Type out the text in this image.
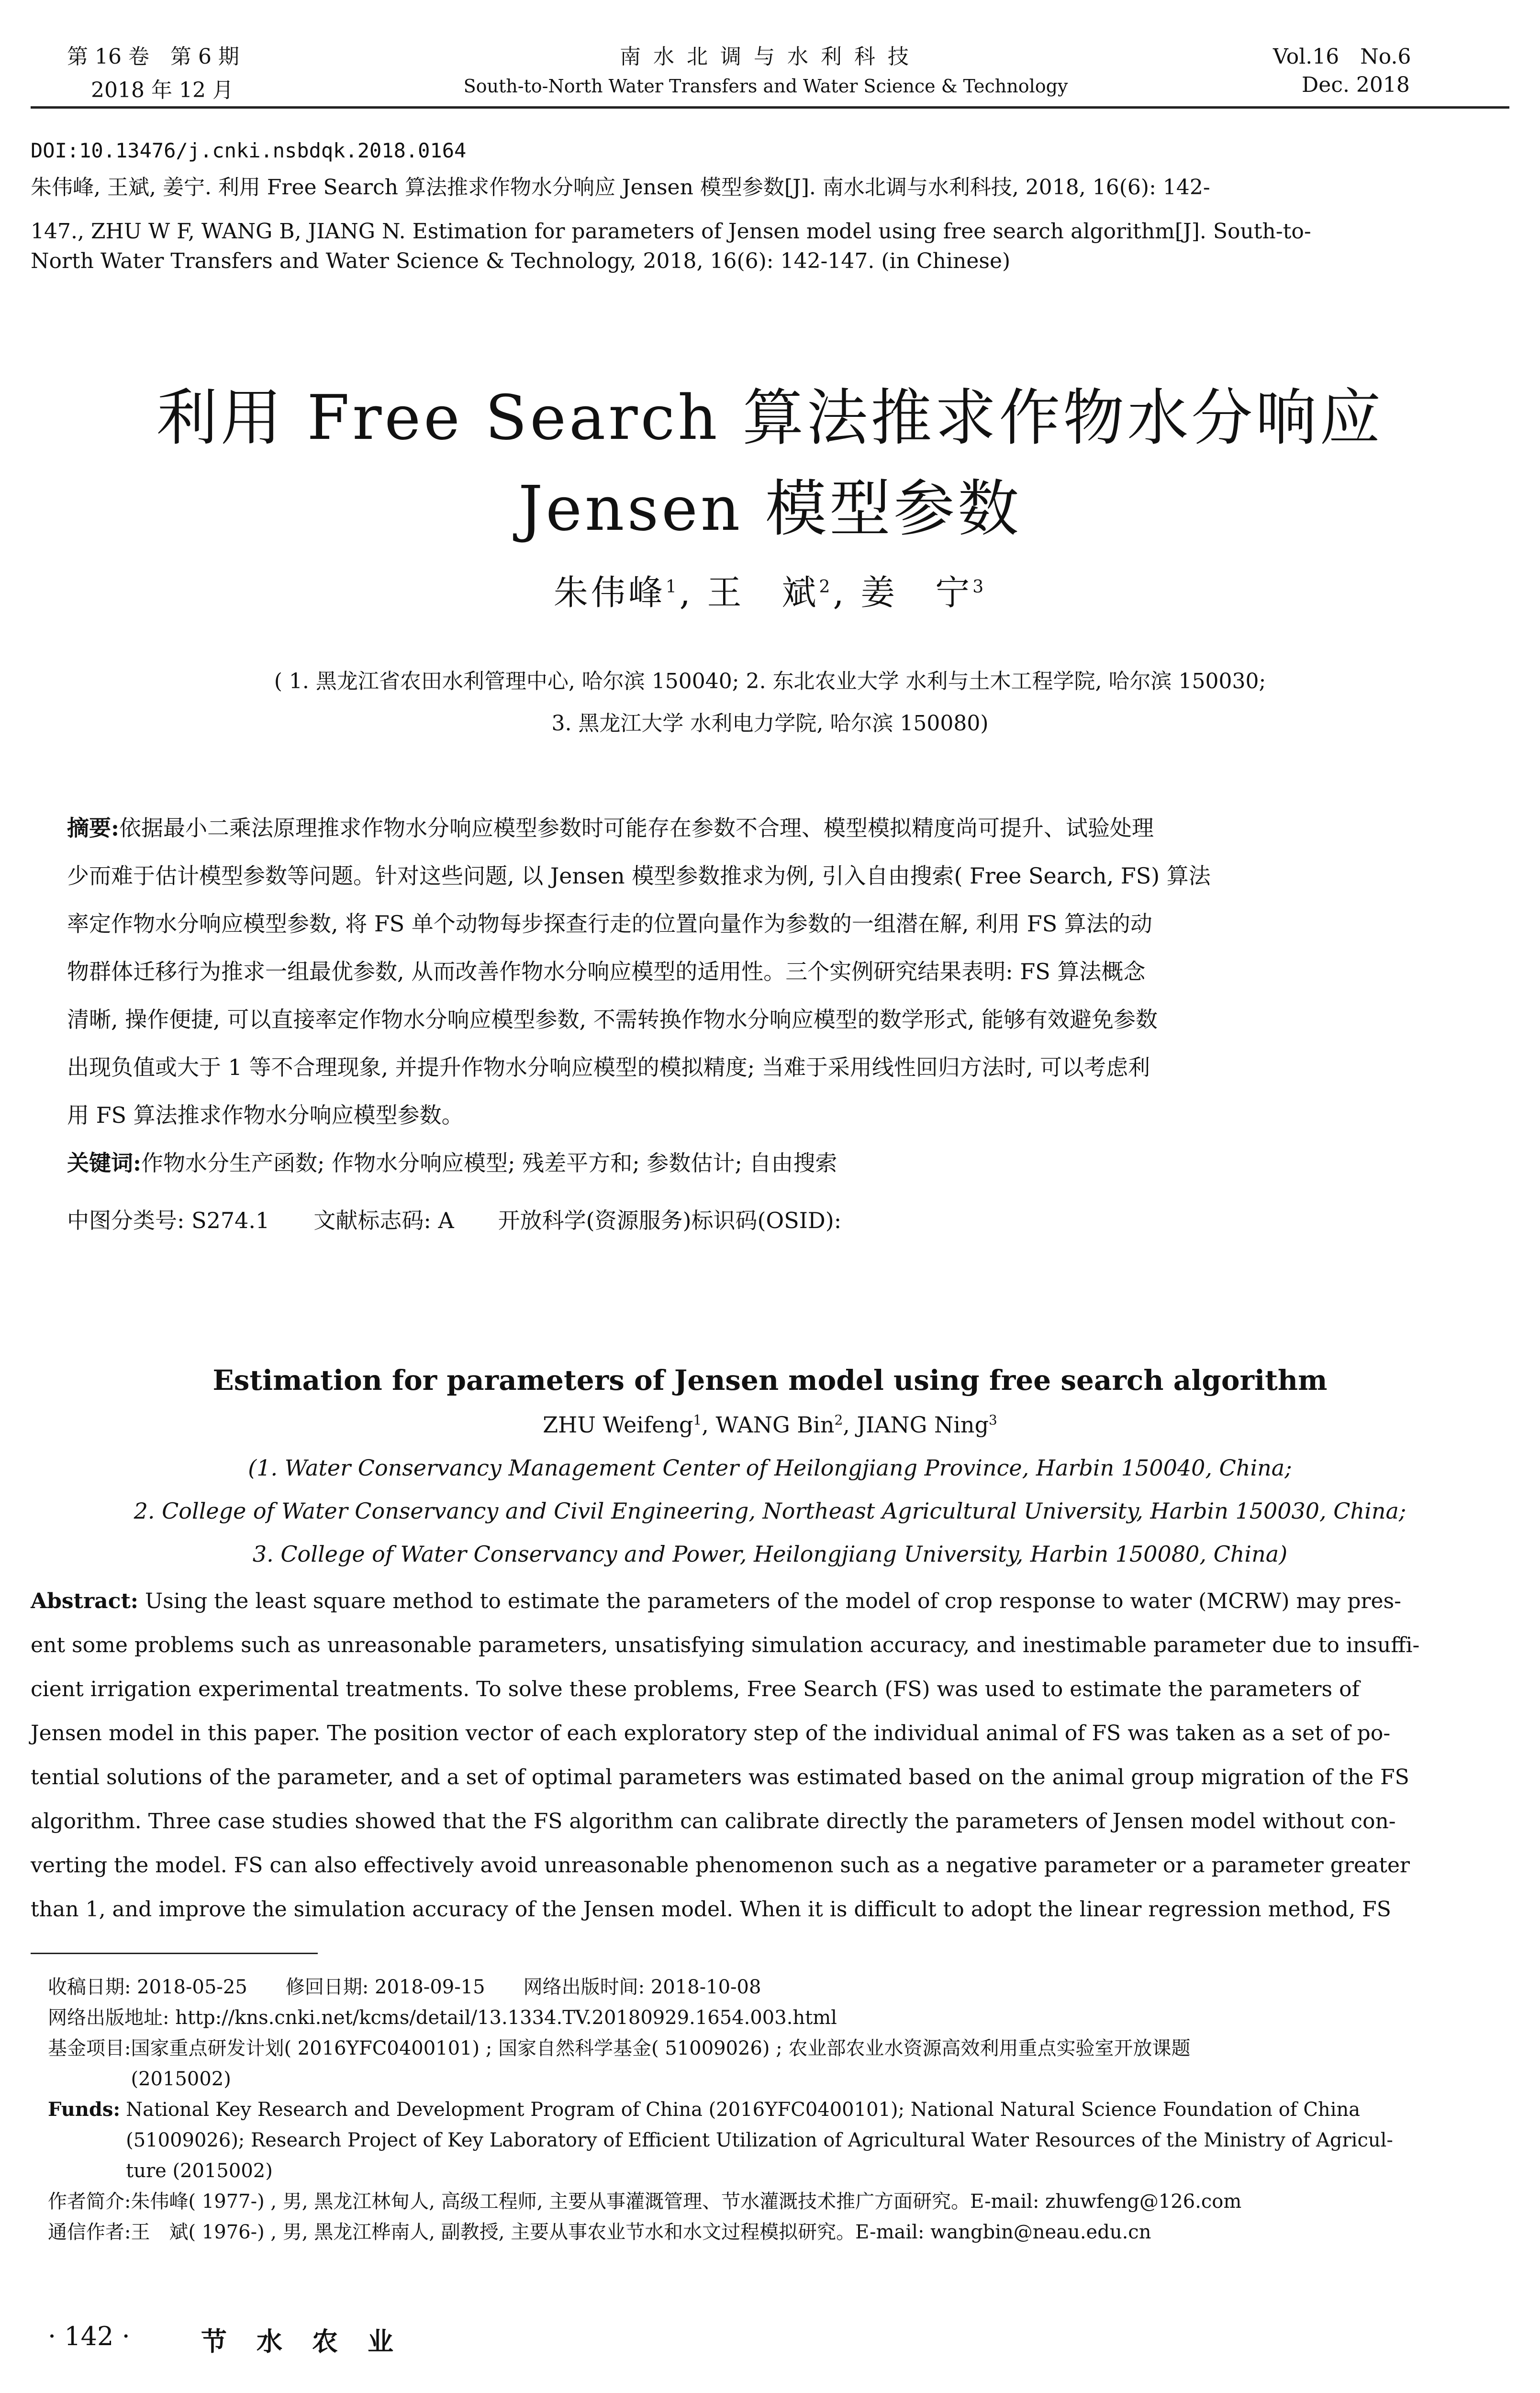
第 16 卷　第 6 期
2018 年 12 月
南 水 北 调 与 水 利 科 技
South-to-North Water Transfers and Water Science & Technology
Vol.16　No.6
Dec. 2018
DOI:10.13476/j.cnki.nsbdqk.2018.0164
朱伟峰, 王斌, 姜宁. 利用 Free Search 算法推求作物水分响应 Jensen 模型参数[J]. 南水北调与水利科技, 2018, 16(6): 142-
147., ZHU W F, WANG B, JIANG N. Estimation for parameters of Jensen model using free search algorithm[J]. South-to-
North Water Transfers and Water Science & Technology, 2018, 16(6): 142-147. (in Chinese)
利用 Free Search 算法推求作物水分响应
Jensen 模型参数
朱伟峰$^1$, 王　斌$^2$, 姜　宁$^3$
( 1. 黑龙江省农田水利管理中心, 哈尔滨 150040; 2. 东北农业大学 水利与土木工程学院, 哈尔滨 150030;
3. 黑龙江大学 水利电力学院, 哈尔滨 150080)
摘要:依据最小二乘法原理推求作物水分响应模型参数时可能存在参数不合理、模型模拟精度尚可提升、试验处理
少而难于估计模型参数等问题。针对这些问题, 以 Jensen 模型参数推求为例, 引入自由搜索( Free Search, FS) 算法
率定作物水分响应模型参数, 将 FS 单个动物每步探查行走的位置向量作为参数的一组潜在解, 利用 FS 算法的动
物群体迁移行为推求一组最优参数, 从而改善作物水分响应模型的适用性。三个实例研究结果表明: FS 算法概念
清晰, 操作便捷, 可以直接率定作物水分响应模型参数, 不需转换作物水分响应模型的数学形式, 能够有效避免参数
出现负值或大于 1 等不合理现象, 并提升作物水分响应模型的模拟精度; 当难于采用线性回归方法时, 可以考虑利
用 FS 算法推求作物水分响应模型参数。
关键词:作物水分生产函数; 作物水分响应模型; 残差平方和; 参数估计; 自由搜索
中图分类号: S274.1　　文献标志码: A　　开放科学(资源服务)标识码(OSID):
Estimation for parameters of Jensen model using free search algorithm
ZHU Weifeng$^1$, WANG Bin$^2$, JIANG Ning$^3$
(1. Water Conservancy Management Center of Heilongjiang Province, Harbin 150040, China;
2. College of Water Conservancy and Civil Engineering, Northeast Agricultural University, Harbin 150030, China;
3. College of Water Conservancy and Power, Heilongjiang University, Harbin 150080, China)
Abstract: Using the least square method to estimate the parameters of the model of crop response to water (MCRW) may pres-
ent some problems such as unreasonable parameters, unsatisfying simulation accuracy, and inestimable parameter due to insuffi-
cient irrigation experimental treatments. To solve these problems, Free Search (FS) was used to estimate the parameters of
Jensen model in this paper. The position vector of each exploratory step of the individual animal of FS was taken as a set of po-
tential solutions of the parameter, and a set of optimal parameters was estimated based on the animal group migration of the FS
algorithm. Three case studies showed that the FS algorithm can calibrate directly the parameters of Jensen model without con-
verting the model. FS can also effectively avoid unreasonable phenomenon such as a negative parameter or a parameter greater
than 1, and improve the simulation accuracy of the Jensen model. When it is difficult to adopt the linear regression method, FS
收稿日期: 2018-05-25　　修回日期: 2018-09-15　　网络出版时间: 2018-10-08
网络出版地址: http://kns.cnki.net/kcms/detail/13.1334.TV.20180929.1654.003.html
基金项目: 国家重点研发计划( 2016YFC0400101) ; 国家自然科学基金( 51009026) ; 农业部农业水资源高效利用重点实验室开放课题
(2015002)
Funds: National Key Research and Development Program of China (2016YFC0400101); National Natural Science Foundation of China
(51009026); Research Project of Key Laboratory of Efficient Utilization of Agricultural Water Resources of the Ministry of Agricul-
ture (2015002)
作者简介:朱伟峰( 1977-) , 男, 黑龙江林甸人, 高级工程师, 主要从事灌溉管理、节水灌溉技术推广方面研究。E-mail: zhuwfeng@126.com
通信作者:王　斌( 1976-) , 男, 黑龙江桦南人, 副教授, 主要从事农业节水和水文过程模拟研究。E-mail: wangbin@neau.edu.cn
· 142 ·	节　水　农　业
